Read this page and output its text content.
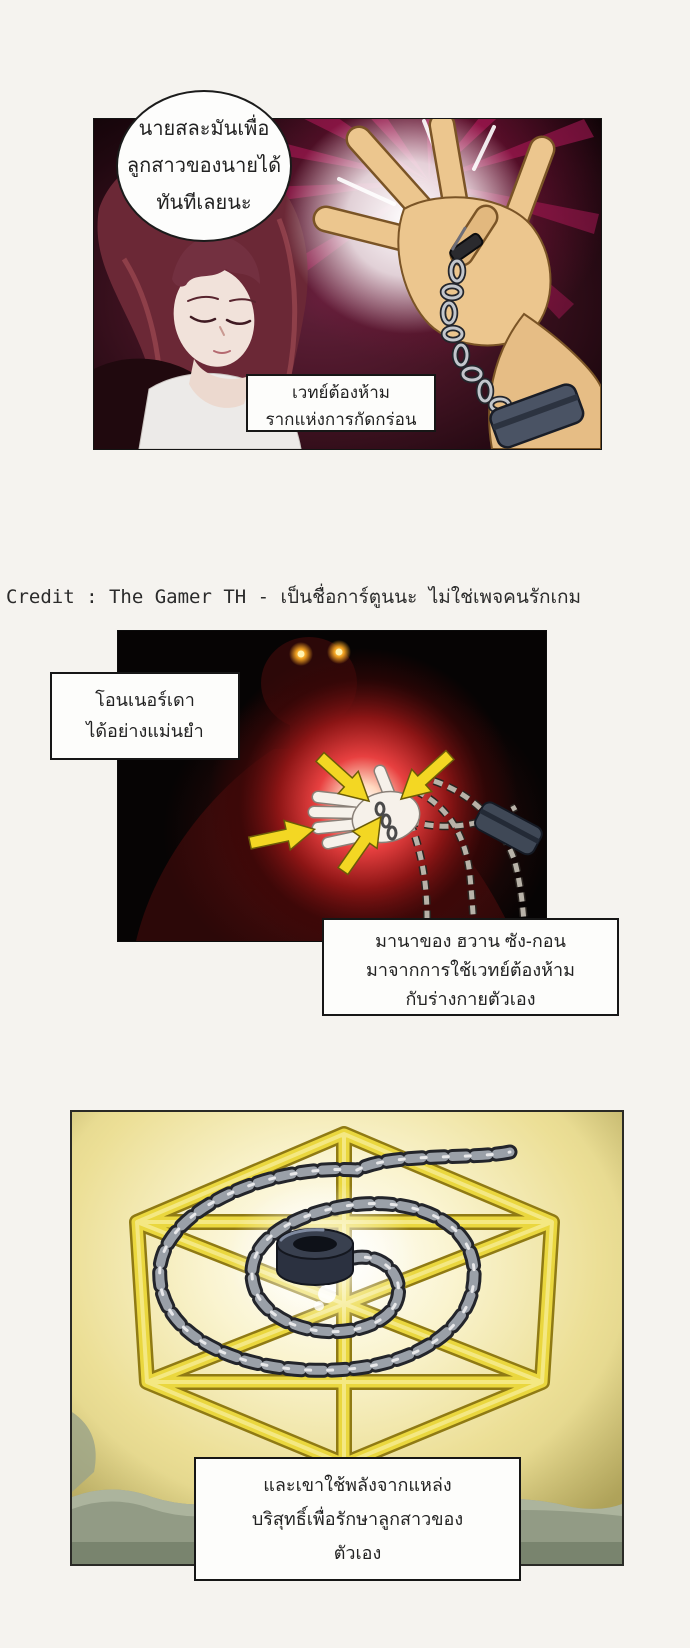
เวทย์ต้องห้าม
รากแห่งการกัดกร่อน
นายสละมันเพื่อ
ลูกสาวของนายได้
ทันทีเลยนะ
Credit : The Gamer TH - เป็นชื่อการ์ตูนนะ ไม่ใช่เพจคนรักเกม
โอนเนอร์เดา
ได้อย่างแม่นยำ
มานาของ ฮวาน ซัง-กอน
มาจากการใช้เวทย์ต้องห้าม
กับร่างกายตัวเอง
และเขาใช้พลังจากแหล่ง
บริสุทธิ์เพื่อรักษาลูกสาวของ
ตัวเอง
